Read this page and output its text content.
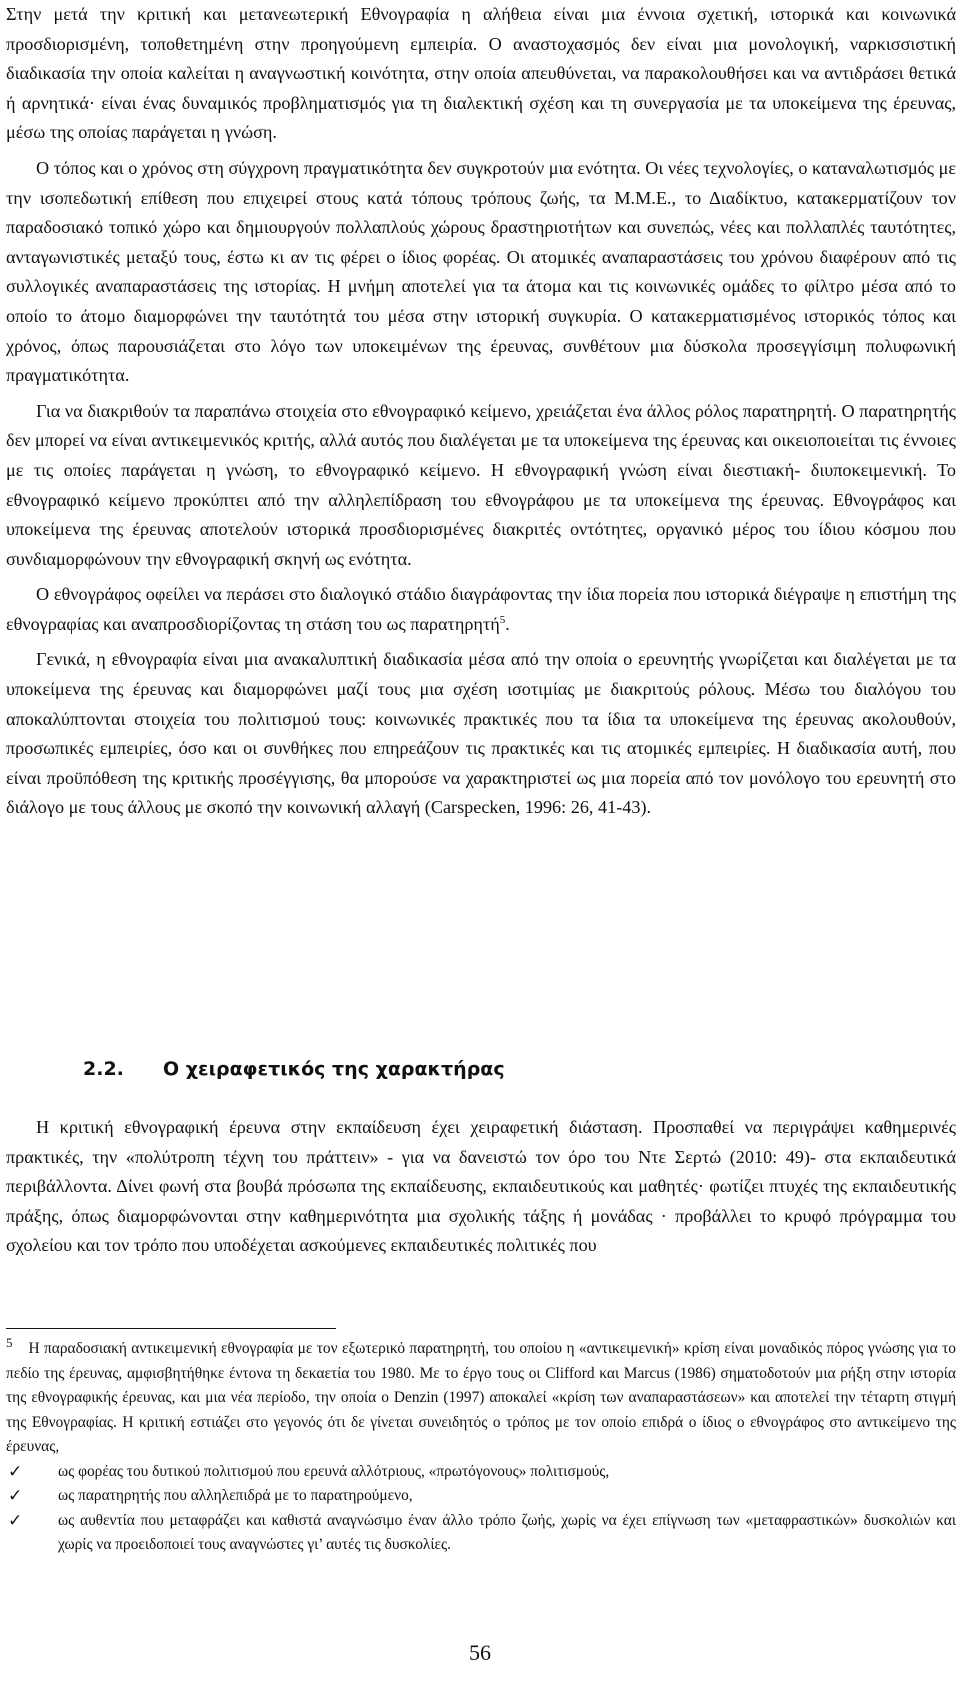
Στην μετά την κριτική και μετανεωτερική Εθνογραφία η αλήθεια είναι μια έννοια σχετική, ιστορικά και κοινωνικά προσδιορισμένη, τοποθετημένη στην προηγούμενη εμπειρία. Ο αναστοχασμός δεν είναι μια μονολογική, ναρκισσιστική διαδικασία την οποία καλείται η αναγνωστική κοινότητα, στην οποία απευθύνεται, να παρακολουθήσει και να αντιδράσει θετικά ή αρνητικά· είναι ένας δυναμικός προβληματισμός για τη διαλεκτική σχέση και τη συνεργασία με τα υποκείμενα της έρευνας, μέσω της οποίας παράγεται η γνώση.

Ο τόπος και ο χρόνος στη σύγχρονη πραγματικότητα δεν συγκροτούν μια ενότητα. Οι νέες τεχνολογίες, ο καταναλωτισμός με την ισοπεδωτική επίθεση που επιχειρεί στους κατά τόπους τρόπους ζωής, τα Μ.Μ.Ε., το Διαδίκτυο, κατακερματίζουν τον παραδοσιακό τοπικό χώρο και δημιουργούν πολλαπλούς χώρους δραστηριοτήτων και συνεπώς, νέες και πολλαπλές ταυτότητες, ανταγωνιστικές μεταξύ τους, έστω κι αν τις φέρει ο ίδιος φορέας. Οι ατομικές αναπαραστάσεις του χρόνου διαφέρουν από τις συλλογικές αναπαραστάσεις της ιστορίας. Η μνήμη αποτελεί για τα άτομα και τις κοινωνικές ομάδες το φίλτρο μέσα από το οποίο το άτομο διαμορφώνει την ταυτότητά του μέσα στην ιστορική συγκυρία. Ο κατακερματισμένος ιστορικός τόπος και χρόνος, όπως παρουσιάζεται στο λόγο των υποκειμένων της έρευνας, συνθέτουν μια δύσκολα προσεγγίσιμη πολυφωνική πραγματικότητα.

Για να διακριθούν τα παραπάνω στοιχεία στο εθνογραφικό κείμενο, χρειάζεται ένα άλλος ρόλος παρατηρητή. Ο παρατηρητής δεν μπορεί να είναι αντικειμενικός κριτής, αλλά αυτός που διαλέγεται με τα υποκείμενα της έρευνας και οικειοποιείται τις έννοιες με τις οποίες παράγεται η γνώση, το εθνογραφικό κείμενο. Η εθνογραφική γνώση είναι διεστιακή- διυποκειμενική. Το εθνογραφικό κείμενο προκύπτει από την αλληλεπίδραση του εθνογράφου με τα υποκείμενα της έρευνας. Εθνογράφος και υποκείμενα της έρευνας αποτελούν ιστορικά προσδιορισμένες διακριτές οντότητες, οργανικό μέρος του ίδιου κόσμου που συνδιαμορφώνουν την εθνογραφική σκηνή ως ενότητα.

Ο εθνογράφος οφείλει να περάσει στο διαλογικό στάδιο διαγράφοντας την ίδια πορεία που ιστορικά διέγραψε η επιστήμη της εθνογραφίας και αναπροσδιορίζοντας τη στάση του ως παρατηρητή$^5$.

Γενικά, η εθνογραφία είναι μια ανακαλυπτική διαδικασία μέσα από την οποία ο ερευνητής γνωρίζεται και διαλέγεται με τα υποκείμενα της έρευνας και διαμορφώνει μαζί τους μια σχέση ισοτιμίας με διακριτούς ρόλους. Μέσω του διαλόγου του αποκαλύπτονται στοιχεία του πολιτισμού τους: κοινωνικές πρακτικές που τα ίδια τα υποκείμενα της έρευνας ακολουθούν, προσωπικές εμπειρίες, όσο και οι συνθήκες που επηρεάζουν τις πρακτικές και τις ατομικές εμπειρίες. Η διαδικασία αυτή, που είναι προϋπόθεση της κριτικής προσέγγισης, θα μπορούσε να χαρακτηριστεί ως μια πορεία από τον μονόλογο του ερευνητή στο διάλογο με τους άλλους με σκοπό την κοινωνική αλλαγή (Carspecken, 1996: 26, 41-43).

2.2. Ο χειραφετικός της χαρακτήρας

Η κριτική εθνογραφική έρευνα στην εκπαίδευση έχει χειραφετική διάσταση. Προσπαθεί να περιγράψει καθημερινές πρακτικές, την «πολύτροπη τέχνη του πράττειν» - για να δανειστώ τον όρο του Ντε Σερτώ (2010: 49)- στα εκπαιδευτικά περιβάλλοντα. Δίνει φωνή στα βουβά πρόσωπα της εκπαίδευσης, εκπαιδευτικούς και μαθητές· φωτίζει πτυχές της εκπαιδευτικής πράξης, όπως διαμορφώνονται στην καθημερινότητα μια σχολικής τάξης ή μονάδας · προβάλλει το κρυφό πρόγραμμα του σχολείου και τον τρόπο που υποδέχεται ασκούμενες εκπαιδευτικές πολιτικές που

$^5$ Η παραδοσιακή αντικειμενική εθνογραφία με τον εξωτερικό παρατηρητή, του οποίου η «αντικειμενική» κρίση είναι μοναδικός πόρος γνώσης για το πεδίο της έρευνας, αμφισβητήθηκε έντονα τη δεκαετία του 1980. Με το έργο τους οι Clifford και Marcus (1986) σηματοδοτούν μια ρήξη στην ιστορία της εθνογραφικής έρευνας, και μια νέα περίοδο, την οποία ο Denzin (1997) αποκαλεί «κρίση των αναπαραστάσεων» και αποτελεί την τέταρτη στιγμή της Εθνογραφίας. Η κριτική εστιάζει στο γεγονός ότι δε γίνεται συνειδητός ο τρόπος με τον οποίο επιδρά ο ίδιος ο εθνογράφος στο αντικείμενο της έρευνας,
✓ ως φορέας του δυτικού πολιτισμού που ερευνά αλλότριους, «πρωτόγονους» πολιτισμούς,
✓ ως παρατηρητής που αλληλεπιδρά με το παρατηρούμενο,
✓ ως αυθεντία που μεταφράζει και καθιστά αναγνώσιμο έναν άλλο τρόπο ζωής, χωρίς να έχει επίγνωση των «μεταφραστικών» δυσκολιών και χωρίς να προειδοποιεί τους αναγνώστες γι’ αυτές τις δυσκολίες.
56
